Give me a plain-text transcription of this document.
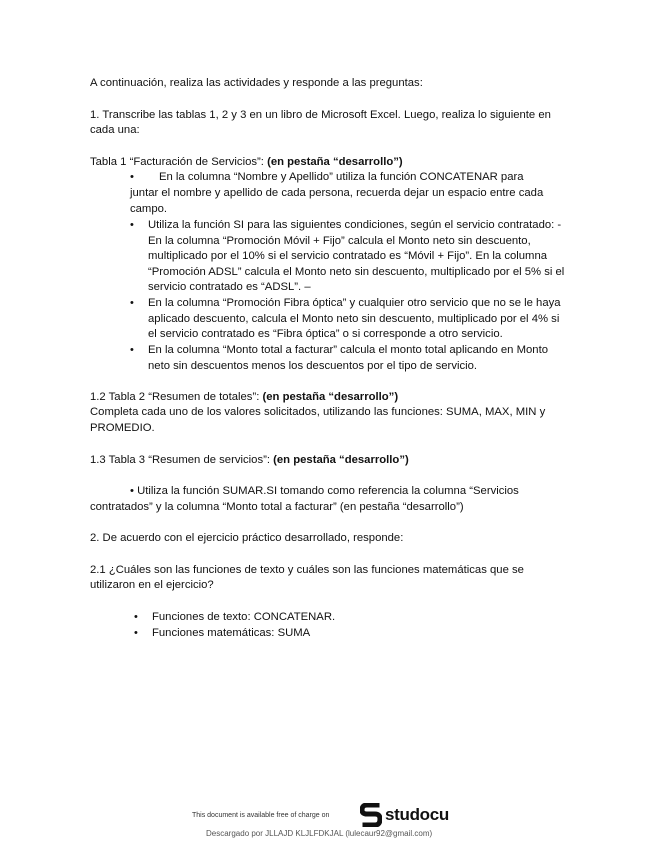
A continuación, realiza las actividades y responde a las preguntas:
1. Transcribe las tablas 1, 2 y 3 en un libro de Microsoft Excel. Luego, realiza lo siguiente en
cada una:
Tabla 1 “Facturación de Servicios”: (en pestaña “desarrollo”)
• En la columna “Nombre y Apellido” utiliza la función CONCATENAR para
juntar el nombre y apellido de cada persona, recuerda dejar un espacio entre cada
campo.
• Utiliza la función SI para las siguientes condiciones, según el servicio contratado: - En la columna “Promoción Móvil + Fijo” calcula el Monto neto sin descuento, multiplicado por el 10% si el servicio contratado es “Móvil + Fijo”. En la columna “Promoción ADSL” calcula el Monto neto sin descuento, multiplicado por el 5% si el servicio contratado es “ADSL”. –
• En la columna “Promoción Fibra óptica” y cualquier otro servicio que no se le haya aplicado descuento, calcula el Monto neto sin descuento, multiplicado por el 4% si el servicio contratado es “Fibra óptica” o si corresponde a otro servicio.
• En la columna “Monto total a facturar” calcula el monto total aplicando en Monto neto sin descuentos menos los descuentos por el tipo de servicio.
1.2 Tabla 2 “Resumen de totales”: (en pestaña “desarrollo”)
Completa cada uno de los valores solicitados, utilizando las funciones: SUMA, MAX, MIN y
PROMEDIO.
1.3 Tabla 3 “Resumen de servicios”: (en pestaña “desarrollo”)
• Utiliza la función SUMAR.SI tomando como referencia la columna “Servicios
contratados” y la columna “Monto total a facturar” (en pestaña “desarrollo”)
2. De acuerdo con el ejercicio práctico desarrollado, responde:
2.1 ¿Cuáles son las funciones de texto y cuáles son las funciones matemáticas que se
utilizaron en el ejercicio?
• Funciones de texto: CONCATENAR.
• Funciones matemáticas: SUMA
This document is available free of charge on	studocu
Descargado por JLLAJD KLJLFDKJAL (lulecaur92@gmail.com)
